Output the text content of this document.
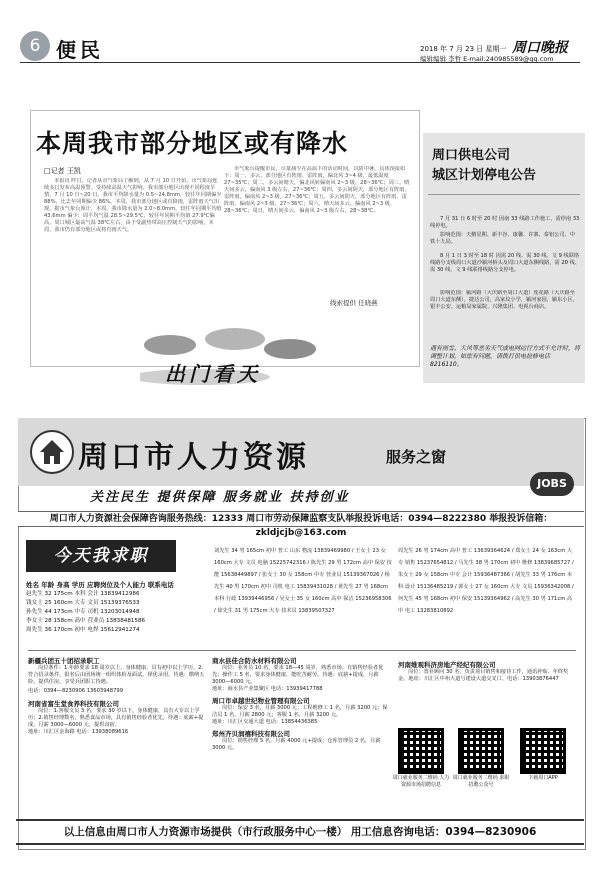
6 便民	2018 年 7 月 23 日 星期一 周口晚报
编辑编辑 李哲 E-mail:240985589@qq.com
本周我市部分地区或有降水
□记者 王凯
本报讯 昨日，记者从市气象局了解到，从 7 月 10 日开始，市气象局连续多日发布高温预警。受持续高温天气影响，我市部分地区出现不同程度旱情。7 月 10 日~20 日，我市平均降水量为 0.5~24.8mm，较往年同期偏少 88%，比去年同期偏少 86%。本周，我市部分地区或有降雨，雷阵雨天气出现。据市气象台预计，本周，我市降水量为 2.0~8.0mm，较往年同期平均值 43.6mm 偏少；周平均气温 28.5~29.5℃，较往年同期平均值 27.9℃偏高。周口城区最高气温 38℃左右，由于受副热带高压控制天气的影响，本周，我市仍有部分地区或将有雨天气。
市气象台提醒市民，尽量减少在高温下的活动时间，以防中暑。具体预报如下：周一，多云，部分地区有阵雨、雷阵雨，偏北风 3~4 级，最低温度 27~35℃；周二，多云间晴天，偏北风转偏南风 2~3 级，28~36℃；周三，晴天间多云，偏南风 3 级左右，27~36℃；周四，多云间阴天，部分地区有阵雨、雷阵雨，偏南风 2~3 级，27~36℃；周五，多云间阴天，部分地区有阵雨、雷阵雨，偏南风 2~3 级，27~36℃；周六，晴天间多云，偏南风 2~3 级，28~36℃；周日，晴天间多云，偏南风 2~3 级左右，28~38℃。
线索提供 任晓燕
出门看天
周口供电公司
城区计划停电公告
7 月 31 日 6 时至 20 时 因南 33 线路工作施工，需停南 33 线停电。
影响范围：天鹅星期、新丰谷、康馨、许寨、泰铝公司、中铁十九局。
8 月 1 日 3 时至 18 时 因需 20 线、需 30 线、文 9 线联络线路分支线周口大道沙颍河桥头及周口大道东侧线路，需 20 线、需 30 线、文 9 线联络线路分支停电。
影响范围：颍河路（大庆路至周口大道）莲花路（大庆路至周口大道东侧），捷达公司，高家坟小学，颍河家园，颍东小区，银丰公安、运粮局家属院、兴隆集团、电视台商店。
遇有雨雪、大风等恶劣天气或电网运行方式不允许时，将调整计划，如您有问题，请拨打供电抢修电话 8216110。
周口市人力资源	服务之窗
关注民生 提供保障 服务就业 扶持创业
JOBS
周口市人力资源社会保障咨询服务热线：12333 周口市劳动保障监察支队举报投诉电话：0394—8222380 举报投诉信箱：zkldjcjb@163.com
今天我求职
姓名 年龄 身高 学历 应聘岗位及个人能力 联系电话
赵先生 32 175cm 本科 会计 13839412986
钱女士 25 160cm 大专 文员 15139376533
孙先生 44 173cm 中专 司机 13203014948
李女士 28 158cm 高中 营业员 13838481586
周先生 36 170cm 初中 电焊 15612941274
刘先生 34 男 165cm 初中 普工 山东 物流 13839469980 / 王女士 23 女 160cm 大专 文员 电脑 15225742316 / 陈先生 29 男 172cm 高中 保安 技能 15638449897 / 张女士 30 女 158cm 中专 营业员 15139367026 / 杨先生 40 男 170cm 初中 司机 电工 15839431028 / 黄先生 27 男 168cm 本科 行政 13939446956 / 吴女士 35 女 160cm 高中 保洁 15236958306 / 徐先生 31 男 175cm 大专 技术员 13839507327
周先生 26 男 174cm 高中 普工 13639364624 / 郑女士 24 女 163cm 大专 销售 15237654812 / 马先生 38 男 170cm 初中 维修 13839685727 / 朱女士 29 女 158cm 中专 会计 15936487366 / 胡先生 33 男 176cm 本科 设计 15136485219 / 郭女士 27 女 160cm 大专 文员 15936342008 / 何先生 45 男 168cm 初中 保安 15139364962 / 高先生 30 男 171cm 高中 电工 13283810892
新疆兵团五十团招录职工
岗位条件：1.年龄要求 18 周岁以上，身体健康，具有初中以上学历。2.符合招录条件，报名后由团场统一组织体检及面试，择优录用。待遇：缴纳五险，提供住房，享受兵团职工待遇。
电话：0394—8230906 13603948799
河南省富生堂食养科技有限公司
岗位：1.客服文员 3 名，要求 30 岁以下，身体健康，具有大专以上学历；2.销售经理数名，熟悉食品市场，具有销售经验者优先。待遇：底薪+提成，月薪 3000—6000 元，提供食宿。
地址：川汇区金海路 电话：13938089616
商水县佳合防水材料有限公司
岗位：业务员 10 名，要求 18—45 周岁，熟悉市场，有销售经验者优先；操作工 5 名，要求身体健康，能吃苦耐劳。待遇：底薪+提成，月薪 3000—6000 元。
地址：商水县产业集聚区 电话：13939417788
周口市卓越世纪物业管理有限公司
岗位：保安 3 名，月薪 3000 元；工程维修工 1 名，月薪 3200 元；保洁员 1 名，月薪 2800 元；客服 1 名，月薪 3200 元。
地址：川汇区交通大道 电话：13854436385
郑州齐贝润禧科技有限公司
岗位：销售经理 5 名，月薪 4000 元+提成；仓库管理员 2 名，月薪 3000 元。
河南维观科济房地产经纪有限公司
岗位：置业顾问 30 名，负责项目销售和接待工作，通讯补贴、年终奖金。地址：川汇区中州大道与建设大道交叉口。电话：13903876447
周口就业服务二维码 人力资源市场招聘信息
周口就业服务二维码 求职招聘公众号
下载周口APP
以上信息由周口市人力资源市场提供（市行政服务中心一楼） 用工信息咨询电话：0394—8230906
